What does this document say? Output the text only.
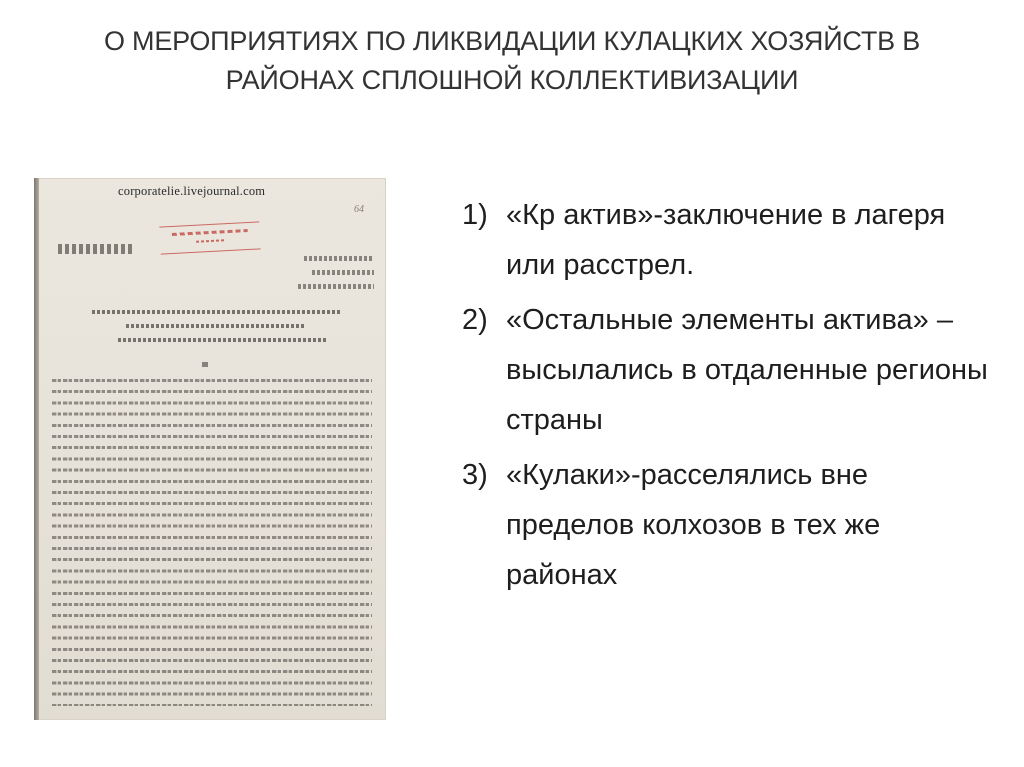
О МЕРОПРИЯТИЯХ ПО ЛИКВИДАЦИИ КУЛАЦКИХ ХОЗЯЙСТВ В
РАЙОНАХ СПЛОШНОЙ КОЛЛЕКТИВИЗАЦИИ
corporatelie.livejournal.com
64	1) «Кр актив»-заключение в лагеря или расстрел.
2) «Остальные элементы актива» – высылались в отдаленные регионы страны
3) «Кулаки»-расселялись вне пределов колхозов в тех же районах
